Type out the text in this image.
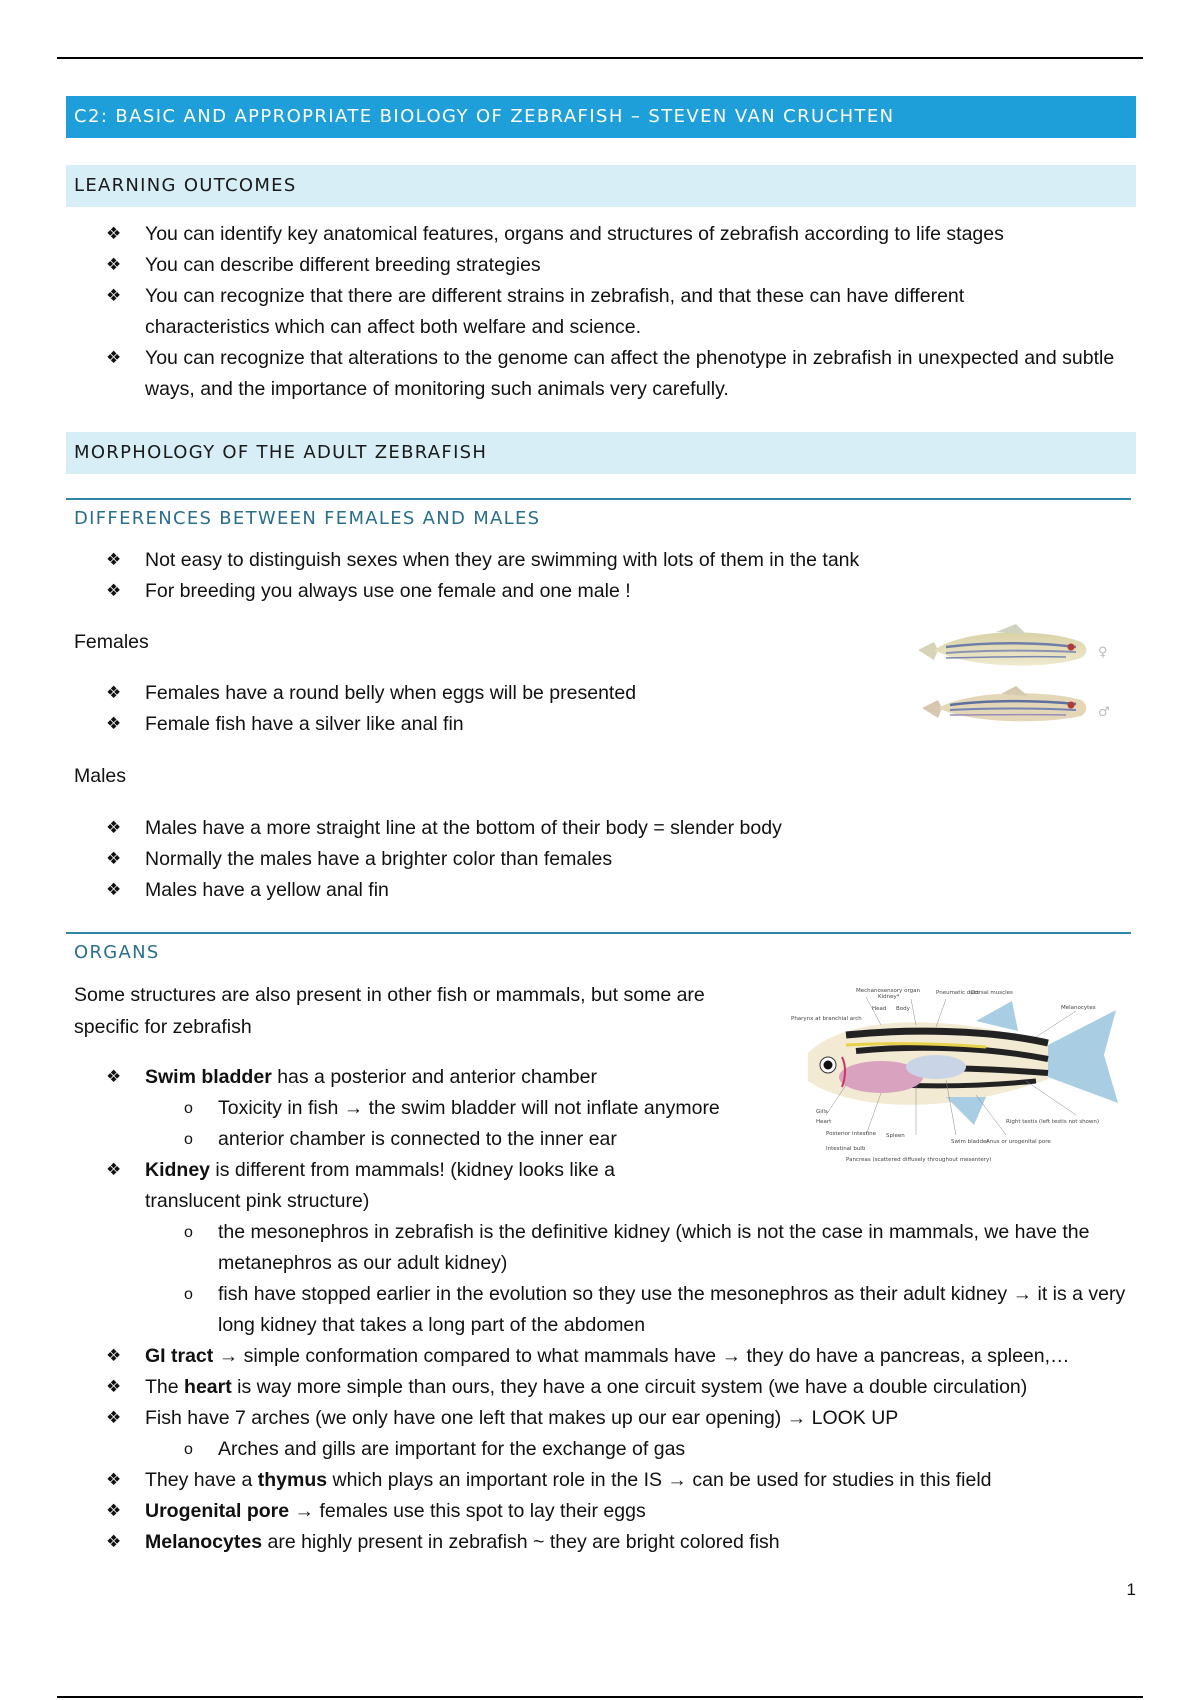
C2: BASIC AND APPROPRIATE BIOLOGY OF ZEBRAFISH – STEVEN VAN CRUCHTEN
LEARNING OUTCOMES
❖ You can identify key anatomical features, organs and structures of zebrafish according to life stages
❖ You can describe different breeding strategies
❖ You can recognize that there are different strains in zebrafish, and that these can have different characteristics which can affect both welfare and science.
❖ You can recognize that alterations to the genome can affect the phenotype in zebrafish in unexpected and subtle ways, and the importance of monitoring such animals very carefully.
MORPHOLOGY OF THE ADULT ZEBRAFISH
DIFFERENCES BETWEEN FEMALES AND MALES
❖ Not easy to distinguish sexes when they are swimming with lots of them in the tank
❖ For breeding you always use one female and one male !
Females
❖ Females have a round belly when eggs will be presented
❖ Female fish have a silver like anal fin
Males
❖ Males have a more straight line at the bottom of their body = slender body
❖ Normally the males have a brighter color than females
❖ Males have a yellow anal fin
♀
♂
ORGANS
Some structures are also present in other fish or mammals, but some are specific for zebrafish
Mechanosensory organ
Kidney*
Pneumatic duct
Dorsal muscles
Melanocytes
Head Body
Pharynx at branchial arch
Gills
Heart
Posterior intestine
Intestinal bulb
Spleen
Swim bladder
Anus or urogenital pore
Right testis (left testis not shown)
Pancreas (scattered diffusely throughout mesentery)
❖ Swim bladder has a posterior and anterior chamber
o Toxicity in fish → the swim bladder will not inflate anymore
o anterior chamber is connected to the inner ear
❖ Kidney is different from mammals! (kidney looks like a translucent pink structure)
o the mesonephros in zebrafish is the definitive kidney (which is not the case in mammals, we have the metanephros as our adult kidney)
o fish have stopped earlier in the evolution so they use the mesonephros as their adult kidney → it is a very long kidney that takes a long part of the abdomen
❖ GI tract → simple conformation compared to what mammals have → they do have a pancreas, a spleen,…
❖ The heart is way more simple than ours, they have a one circuit system (we have a double circulation)
❖ Fish have 7 arches (we only have one left that makes up our ear opening) → LOOK UP
o Arches and gills are important for the exchange of gas
❖ They have a thymus which plays an important role in the IS → can be used for studies in this field
❖ Urogenital pore → females use this spot to lay their eggs
❖ Melanocytes are highly present in zebrafish ~ they are bright colored fish
1
